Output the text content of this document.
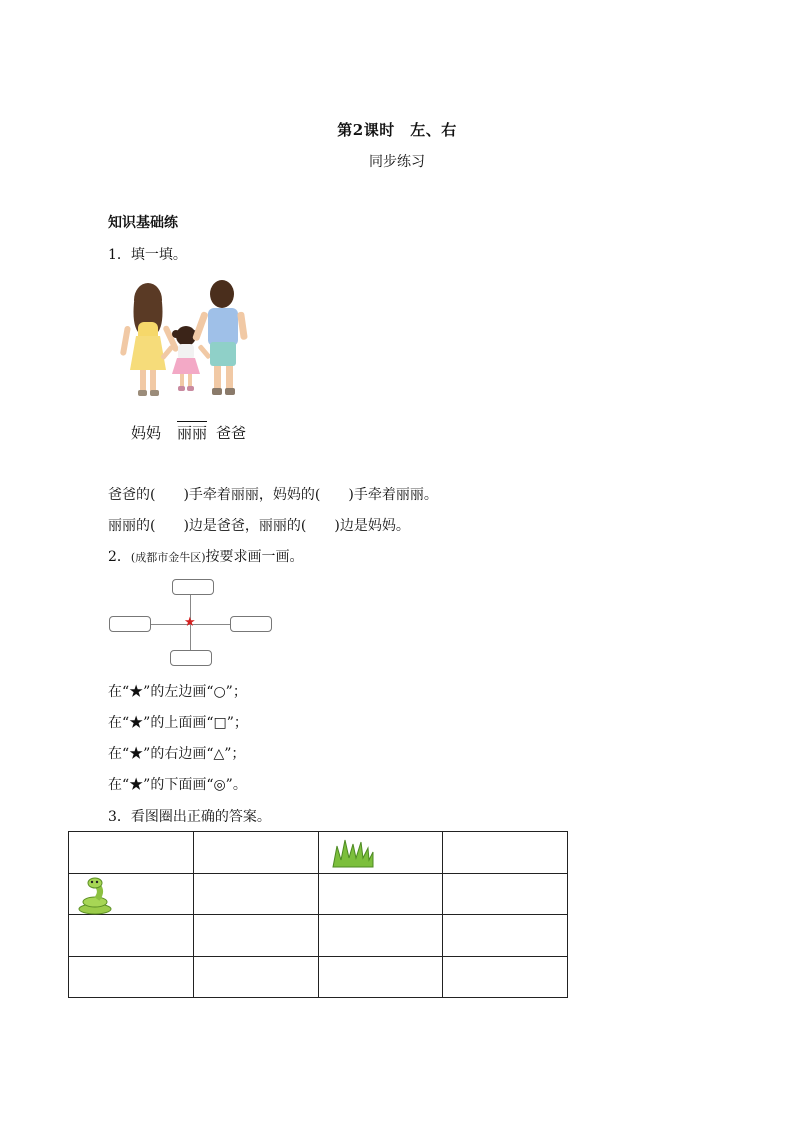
第2课时　左、右
同步练习
知识基础练
1．填一填。
妈妈 丽丽 爸爸
爸爸的(　　)手牵着丽丽，妈妈的(　　)手牵着丽丽。
丽丽的(　　)边是爸爸，丽丽的(　　)边是妈妈。
2．(成都市金牛区)按要求画一画。
★
在“★”的左边画“○”；
在“★”的上面画“□”；
在“★”的右边画“△”；
在“★”的下面画“◎”。
3．看图圈出正确的答案。
